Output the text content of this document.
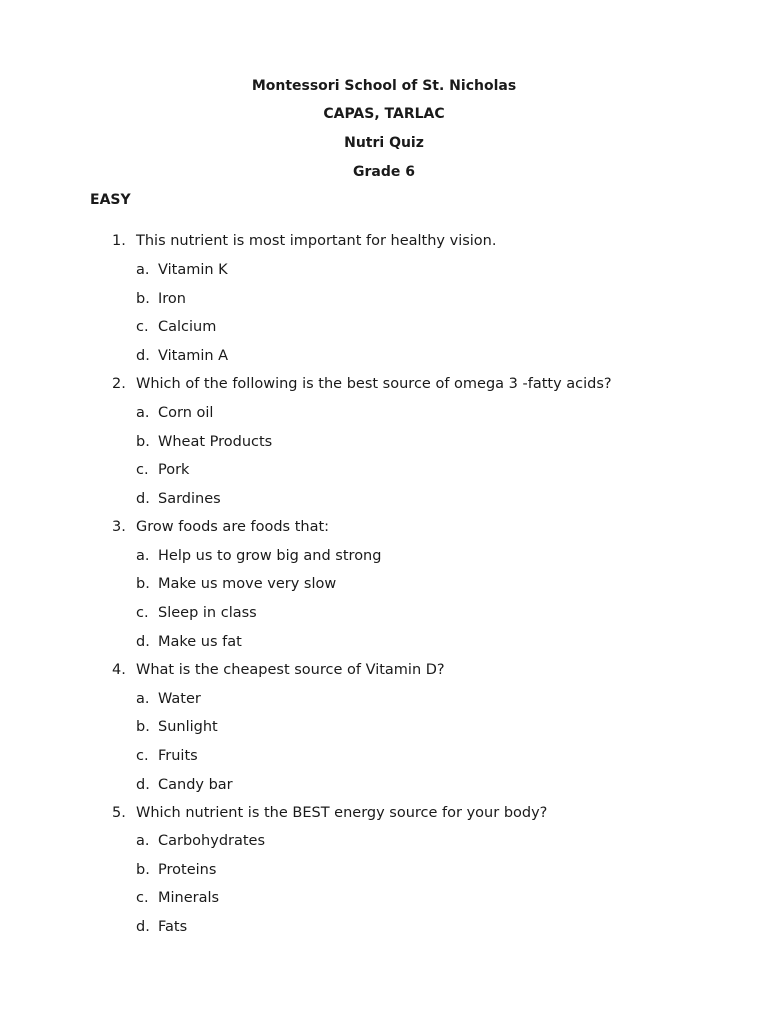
Montessori School of St. Nicholas
CAPAS, TARLAC
Nutri Quiz
Grade 6
EASY
1. This nutrient is most important for healthy vision.
a. Vitamin K
b. Iron
c. Calcium
d. Vitamin A
2. Which of the following is the best source of omega 3 -fatty acids?
a. Corn oil
b. Wheat Products
c. Pork
d. Sardines
3. Grow foods are foods that:
a. Help us to grow big and strong
b. Make us move very slow
c. Sleep in class
d. Make us fat
4. What is the cheapest source of Vitamin D?
a. Water
b. Sunlight
c. Fruits
d. Candy bar
5. Which nutrient is the BEST energy source for your body?
a. Carbohydrates
b. Proteins
c. Minerals
d. Fats
